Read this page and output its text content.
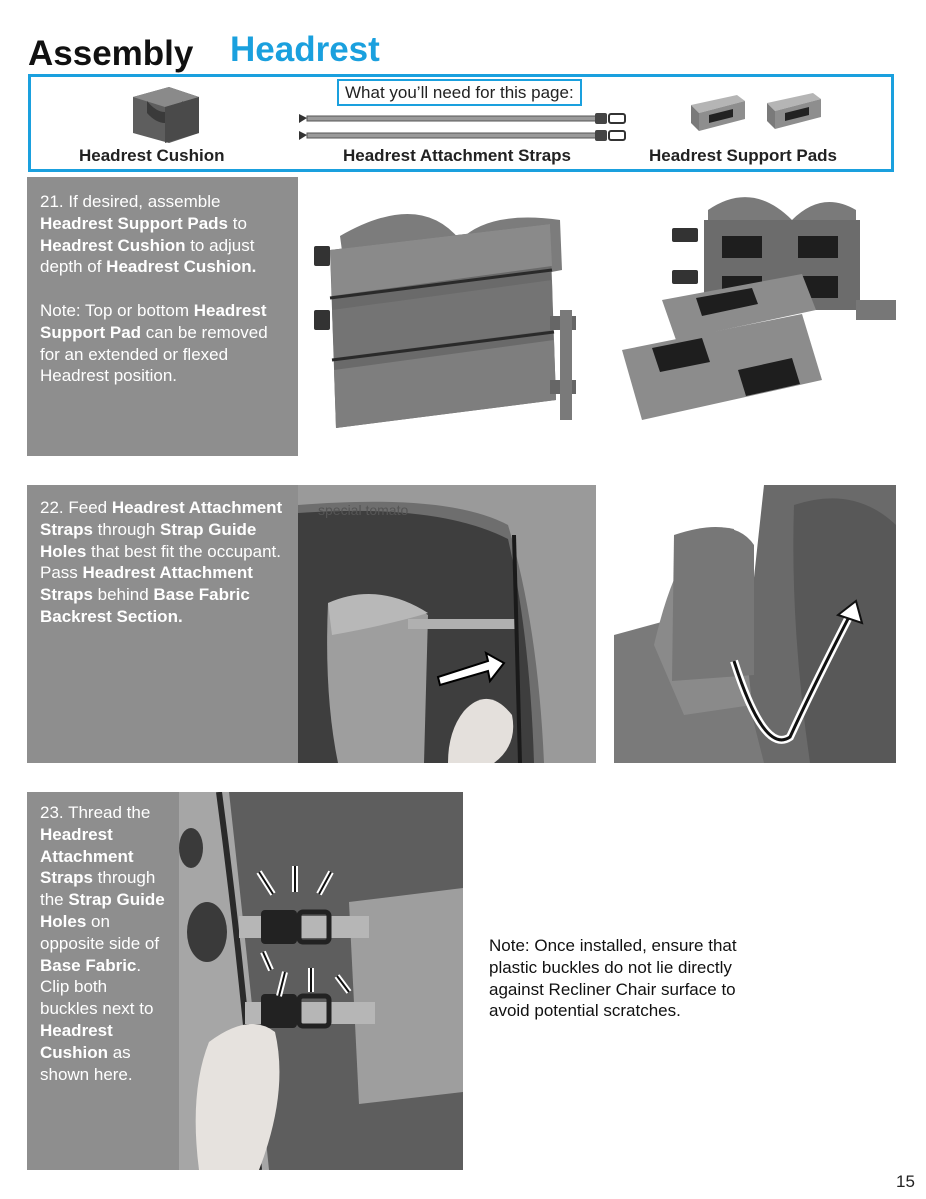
Assembly Headrest
What you’ll need for this page:
Headrest Cushion	Headrest Attachment Straps	Headrest Support Pads

21. If desired, assemble Headrest Support Pads to Headrest Cushion to adjust depth of Headrest Cushion.

Note: Top or bottom Headrest Support Pad can be removed for an extended or flexed Headrest position.

22. Feed Headrest Attachment Straps through Strap Guide Holes that best fit the occupant. Pass Headrest Attachment Straps behind Base Fabric Backrest Section.

special tomato

23. Thread the Headrest Attachment Straps through the Strap Guide Holes on opposite side of Base Fabric. Clip both buckles next to Headrest Cushion as shown here.

Note: Once installed, ensure that plastic buckles do not lie directly against Recliner Chair surface to avoid potential scratches.
15
